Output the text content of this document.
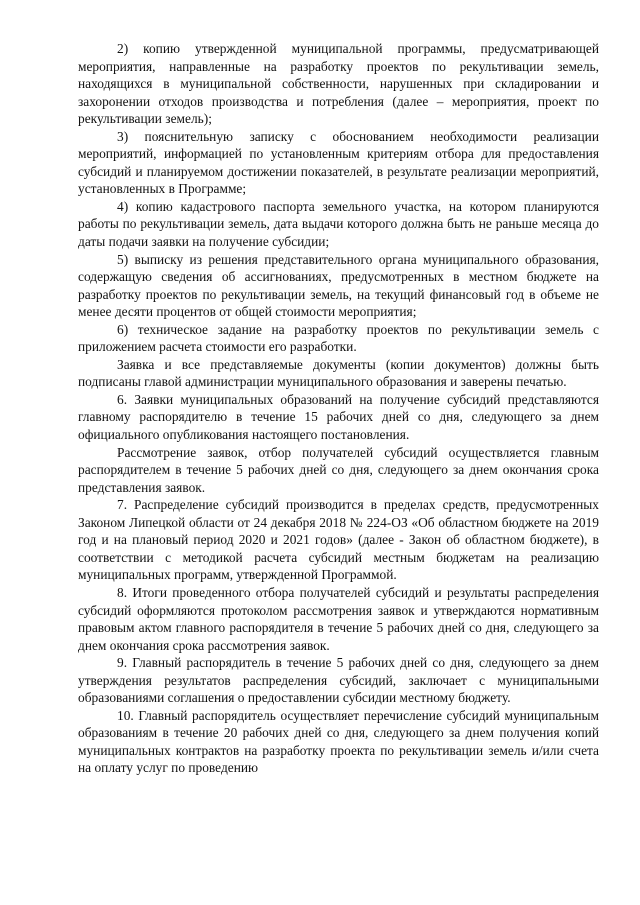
2) копию утвержденной муниципальной программы, предусматривающей мероприятия, направленные на разработку проектов по рекультивации земель, находящихся в муниципальной собственности, нарушенных при складировании и захоронении отходов производства и потребления (далее – мероприятия, проект по рекультивации земель);

3) пояснительную записку с обоснованием необходимости реализации мероприятий, информацией по установленным критериям отбора для предоставления субсидий и планируемом достижении показателей, в результате реализации мероприятий, установленных в Программе;

4) копию кадастрового паспорта земельного участка, на котором планируются работы по рекультивации земель, дата выдачи которого должна быть не раньше месяца до даты подачи заявки на получение субсидии;

5) выписку из решения представительного органа муниципального образования, содержащую сведения об ассигнованиях, предусмотренных в местном бюджете на разработку проектов по рекультивации земель, на текущий финансовый год в объеме не менее десяти процентов от общей стоимости мероприятия;

6) техническое задание на разработку проектов по рекультивации земель с приложением расчета стоимости его разработки.

Заявка и все представляемые документы (копии документов) должны быть подписаны главой администрации муниципального образования и заверены печатью.

6. Заявки муниципальных образований на получение субсидий представляются главному распорядителю в течение 15 рабочих дней со дня, следующего за днем официального опубликования настоящего постановления.

Рассмотрение заявок, отбор получателей субсидий осуществляется главным распорядителем в течение 5 рабочих дней со дня, следующего за днем окончания срока представления заявок.

7. Распределение субсидий производится в пределах средств, предусмотренных Законом Липецкой области от 24 декабря 2018 № 224-ОЗ «Об областном бюджете на 2019 год и на плановый период 2020 и 2021 годов» (далее - Закон об областном бюджете), в соответствии с методикой расчета субсидий местным бюджетам на реализацию муниципальных программ, утвержденной Программой.

8. Итоги проведенного отбора получателей субсидий и результаты распределения субсидий оформляются протоколом рассмотрения заявок и утверждаются нормативным правовым актом главного распорядителя в течение 5 рабочих дней со дня, следующего за днем окончания срока рассмотрения заявок.

9. Главный распорядитель в течение 5 рабочих дней со дня, следующего за днем утверждения результатов распределения субсидий, заключает с муниципальными образованиями соглашения о предоставлении субсидии местному бюджету.

10. Главный распорядитель осуществляет перечисление субсидий муниципальным образованиям в течение 20 рабочих дней со дня, следующего за днем получения копий муниципальных контрактов на разработку проекта по рекультивации земель и/или счета на оплату услуг по проведению
